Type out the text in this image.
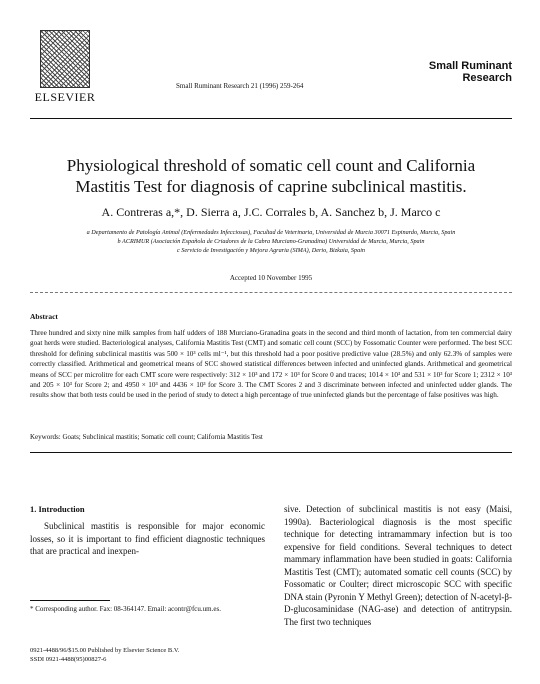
ELSEVIER
Small Ruminant Research 21 (1996) 259-264
Small Ruminant
Research
Physiological threshold of somatic cell count and California
Mastitis Test for diagnosis of caprine subclinical mastitis.
A. Contreras a,*, D. Sierra a, J.C. Corrales b, A. Sanchez b, J. Marco c
a Departamento de Patología Animal (Enfermedades Infecciosas), Facultad de Veterinaria, Universidad de Murcia 30071 Espinardo, Murcia, Spain
b ACRIMUR (Asociación Española de Criadores de la Cabra Murciano-Granadina) Universidad de Murcia, Murcia, Spain
c Servicio de Investigación y Mejora Agraria (SIMA), Derio, Bizkaia, Spain
Accepted 10 November 1995
Abstract
Three hundred and sixty nine milk samples from half udders of 188 Murciano-Granadina goats in the second and third month of lactation, from ten commercial dairy goat herds were studied. Bacteriological analyses, California Mastitis Test (CMT) and somatic cell count (SCC) by Fossomatic Counter were performed. The best SCC threshold for defining subclinical mastitis was 500 × 10³ cells ml⁻¹, but this threshold had a poor positive predictive value (28.5%) and only 62.3% of samples were correctly classified. Arithmetical and geometrical means of SCC showed statistical differences between infected and uninfected glands. Arithmetical and geometrical means of SCC per microlitre for each CMT score were respectively: 312 × 10³ and 172 × 10³ for Score 0 and traces; 1014 × 10³ and 531 × 10³ for Score 1; 2312 × 10³ and 205 × 10³ for Score 2; and 4950 × 10³ and 4436 × 10³ for Score 3. The CMT Scores 2 and 3 discriminate between infected and uninfected udder glands. The results show that both tests could be used in the period of study to detect a high percentage of true uninfected glands but the percentage of false positives was high.
Keywords: Goats; Subclinical mastitis; Somatic cell count; California Mastitis Test
1. Introduction
Subclinical mastitis is responsible for major economic losses, so it is important to find efficient diagnostic techniques that are practical and inexpen-
sive. Detection of subclinical mastitis is not easy (Maisi, 1990a). Bacteriological diagnosis is the most specific technique for detecting intramammary infection but is too expensive for field conditions. Several techniques to detect mammary inflammation have been studied in goats: California Mastitis Test (CMT); automated somatic cell counts (SCC) by Fossomatic or Coulter; direct microscopic SCC with specific DNA stain (Pyronin Y Methyl Green); detection of N-acetyl-β-D-glucosaminidase (NAG-ase) and detection of antitrypsin. The first two techniques
* Corresponding author. Fax: 08-364147. Email: acontr@fcu.um.es.
0921-4488/96/$15.00 Published by Elsevier Science B.V.
SSDI 0921-4488(95)00827-6
